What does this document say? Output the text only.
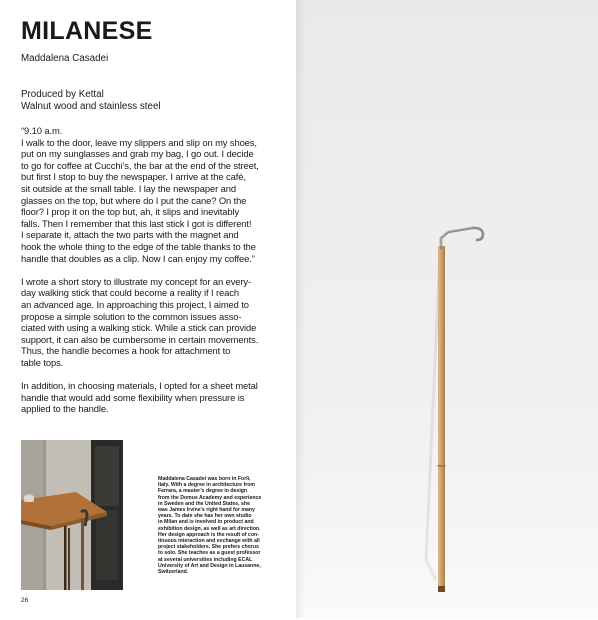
MILANESE

Maddalena Casadei

Produced by Kettal
Walnut wood and stainless steel

“9.10 a.m.
I walk to the door, leave my slippers and slip on my shoes,
put on my sunglasses and grab my bag, I go out. I decide
to go for coffee at Cucchi’s, the bar at the end of the street,
but first I stop to buy the newspaper. I arrive at the café,
sit outside at the small table. I lay the newspaper and
glasses on the top, but where do I put the cane? On the
floor? I prop it on the top but, ah, it slips and inevitably
falls. Then I remember that this last stick I got is different!
I separate it, attach the two parts with the magnet and
hook the whole thing to the edge of the table thanks to the
handle that doubles as a clip. Now I can enjoy my coffee.”
I wrote a short story to illustrate my concept for an every-
day walking stick that could become a reality if I reach
an advanced age. In approaching this project, I aimed to
propose a simple solution to the common issues asso-
ciated with using a walking stick. While a stick can provide
support, it can also be cumbersome in certain movements.
Thus, the handle becomes a hook for attachment to
table tops.
In addition, in choosing materials, I opted for a sheet metal
handle that would add some flexibility when pressure is
applied to the handle.
Maddalena Casadei was born in Forlì,
Italy. With a degree in architecture from
Ferrara, a master’s degree in design
from the Domus Academy and experience
in Sweden and the United States, she
was James Irvine’s right hand for many
years. To date she has her own studio
in Milan and is involved in product and
exhibition design, as well as art direction.
Her design approach is the result of con-
tinuous interaction and exchange with all
project stakeholders. She prefers chorus
to solo. She teaches as a guest professor
at several universities including ECAL
University of Art and Design in Lausanne,
Switzerland.

26
